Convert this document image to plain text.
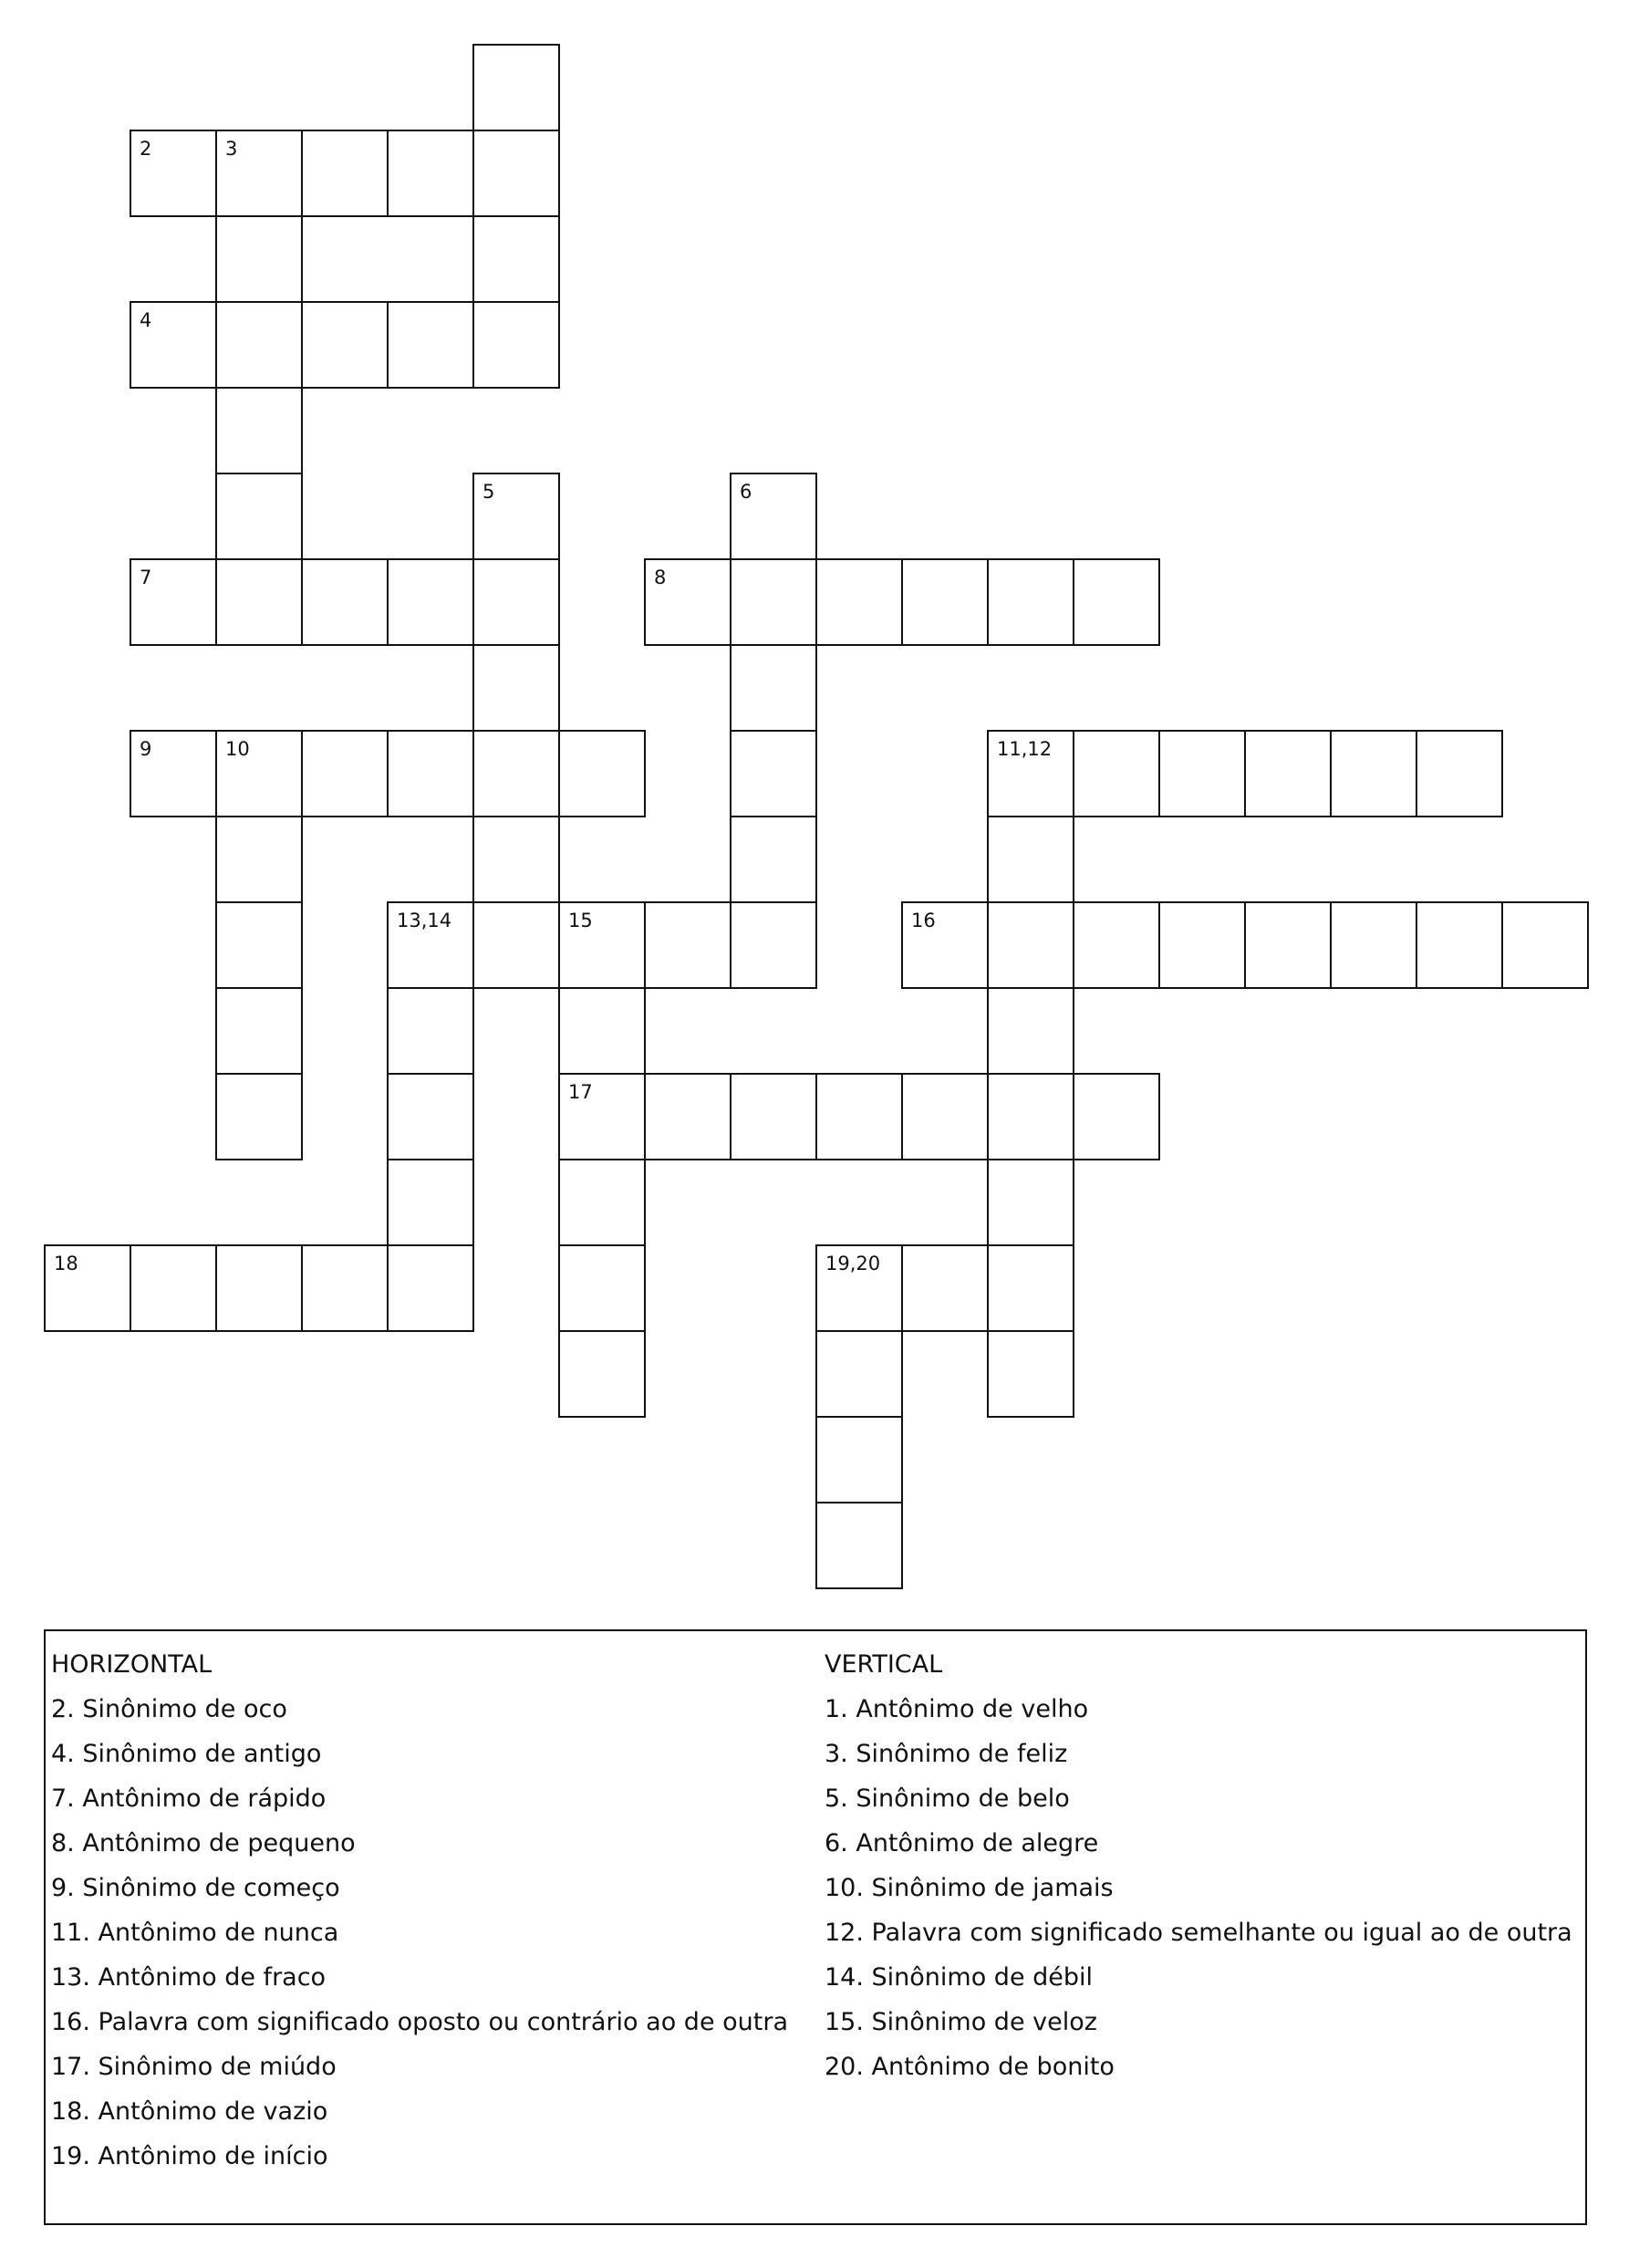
2	3
4
5	6
7	8
9	10	11,12
13,14	15	16
17
18	19,20
HORIZONTAL
2. Sinônimo de oco
4. Sinônimo de antigo
7. Antônimo de rápido
8. Antônimo de pequeno
9. Sinônimo de começo
11. Antônimo de nunca
13. Antônimo de fraco
16. Palavra com significado oposto ou contrário ao de outra
17. Sinônimo de miúdo
18. Antônimo de vazio
19. Antônimo de início
VERTICAL
1. Antônimo de velho
3. Sinônimo de feliz
5. Sinônimo de belo
6. Antônimo de alegre
10. Sinônimo de jamais
12. Palavra com significado semelhante ou igual ao de outra
14. Sinônimo de débil
15. Sinônimo de veloz
20. Antônimo de bonito
